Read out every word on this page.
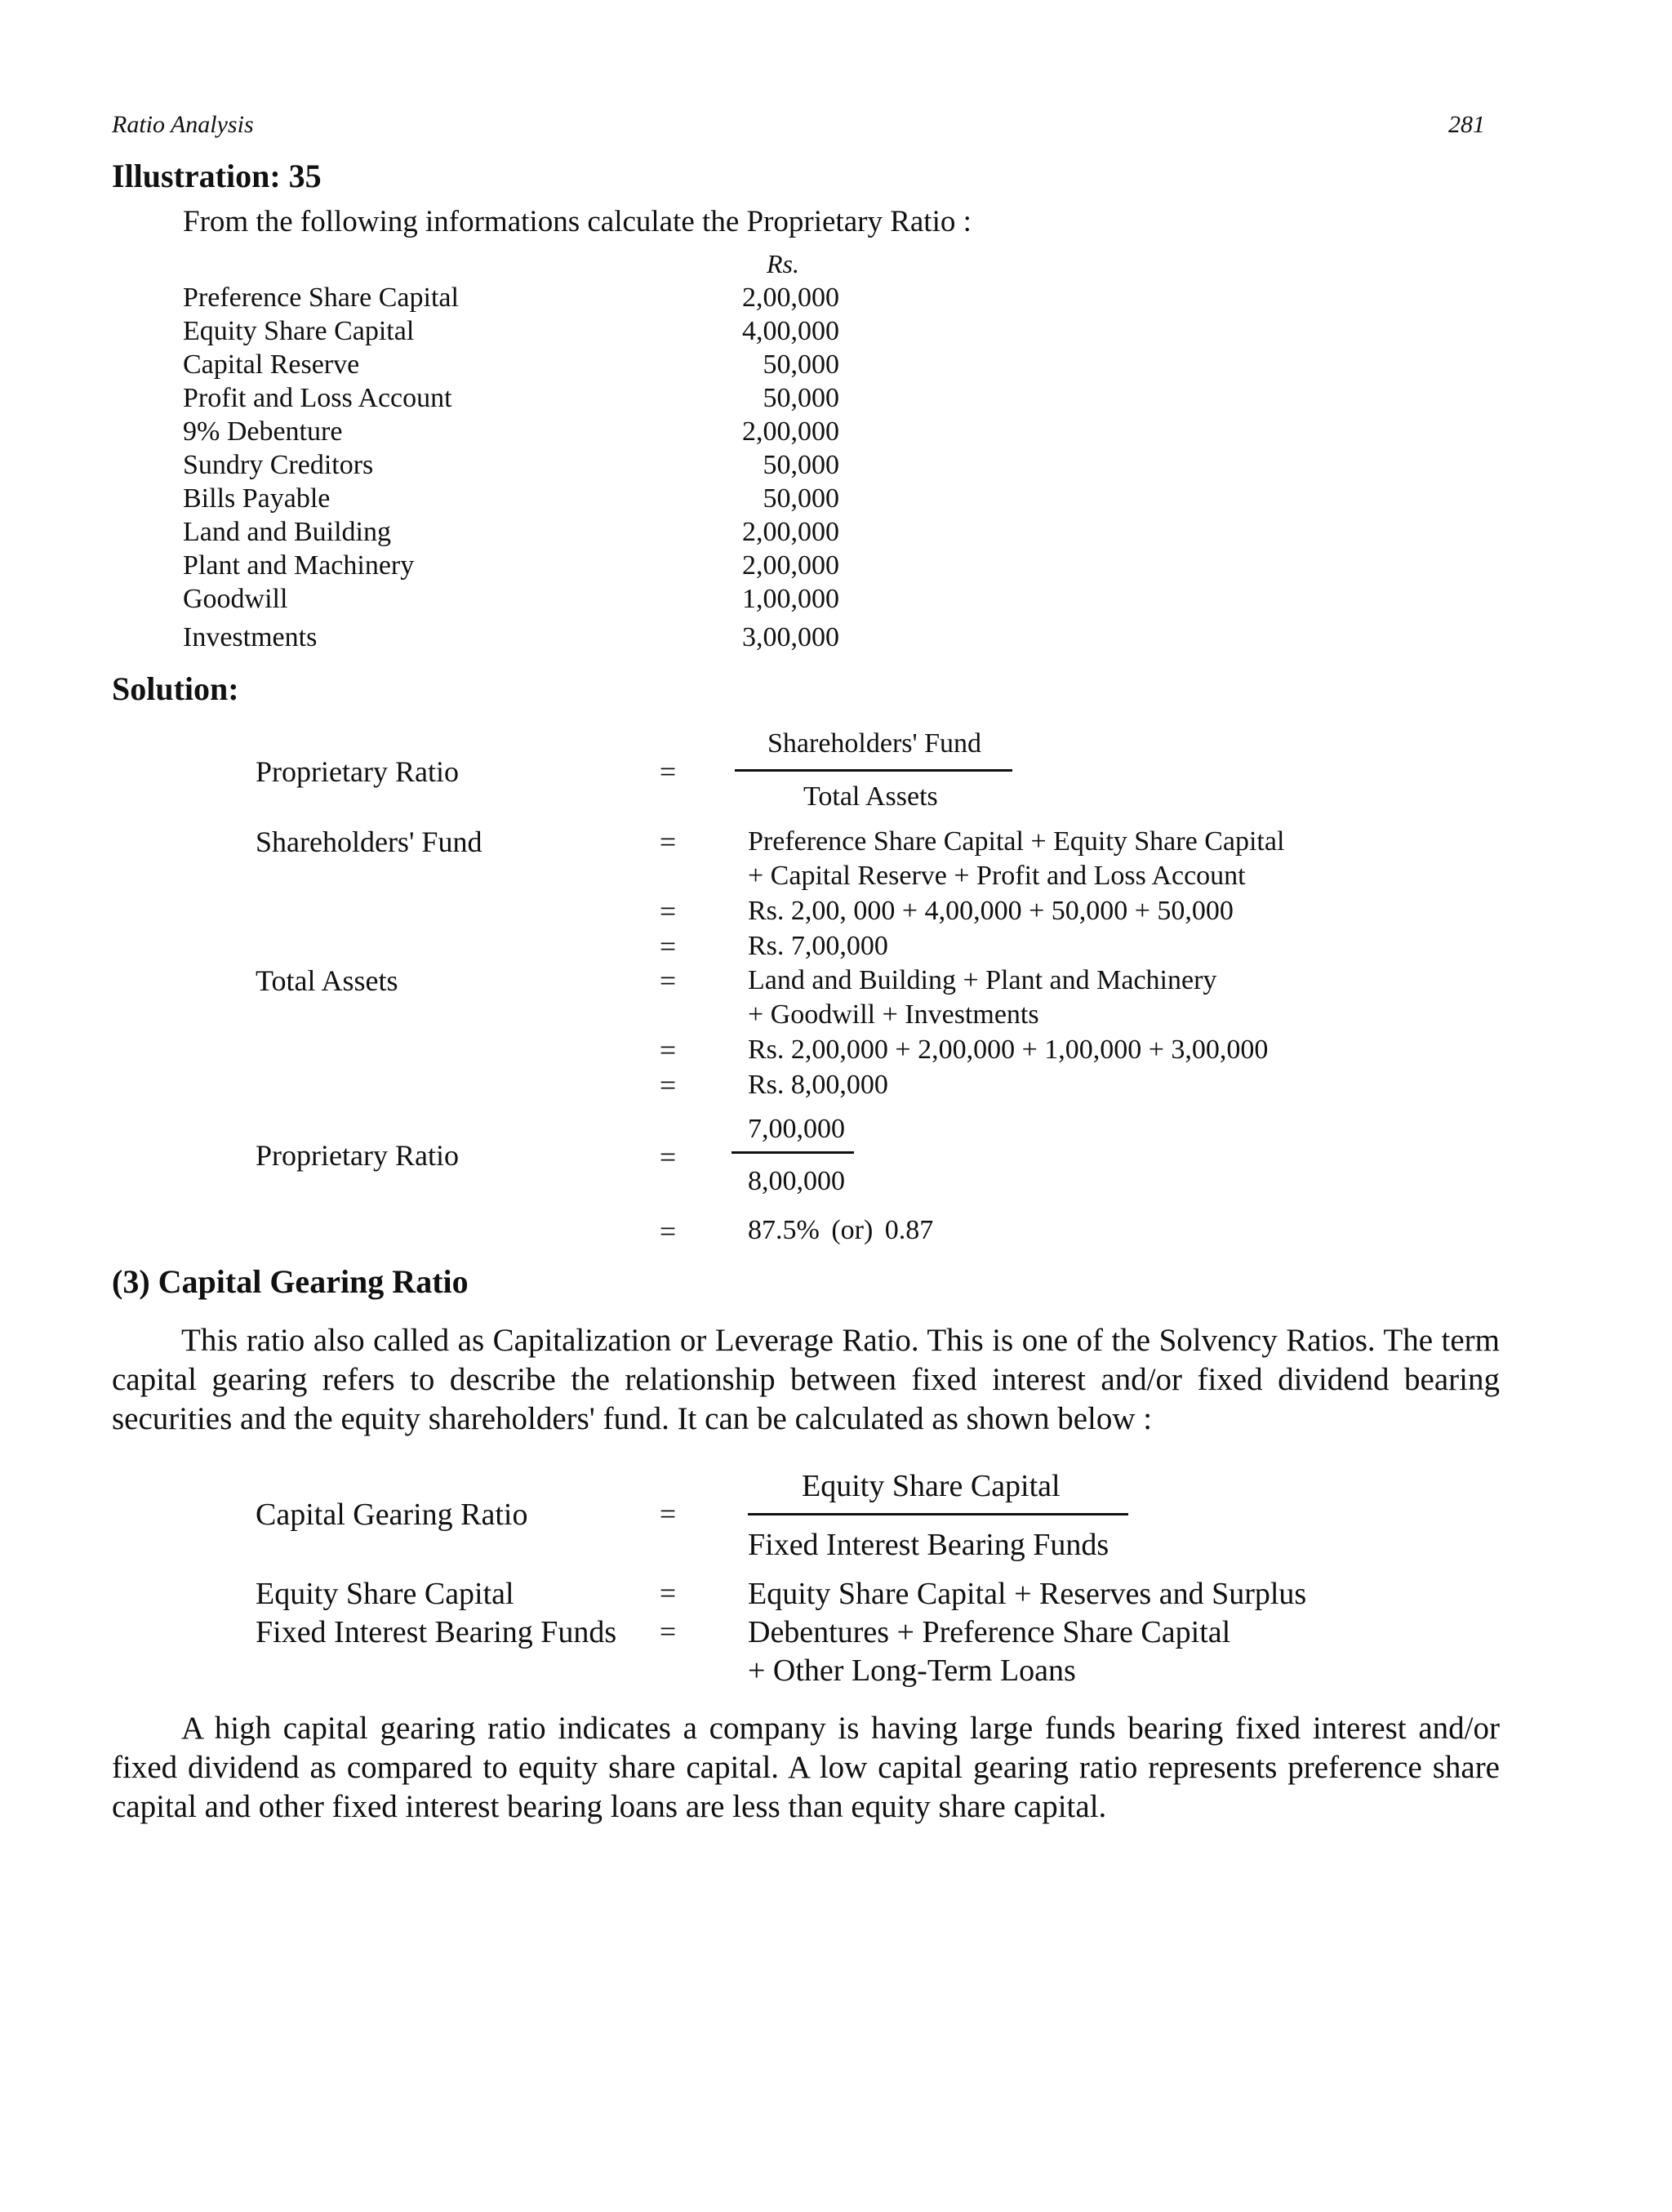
Ratio Analysis	281
Illustration: 35
From the following informations calculate the Proprietary Ratio :
Rs.
Preference Share Capital	2,00,000
Equity Share Capital	4,00,000
Capital Reserve	50,000
Profit and Loss Account	50,000
9% Debenture	2,00,000
Sundry Creditors	50,000
Bills Payable	50,000
Land and Building	2,00,000
Plant and Machinery	2,00,000
Goodwill	1,00,000
Investments	3,00,000
Solution:
Proprietary Ratio	=
Shareholders' Fund
Total Assets
Shareholders' Fund	=	Preference Share Capital + Equity Share Capital
+ Capital Reserve + Profit and Loss Account
=	Rs. 2,00, 000 + 4,00,000 + 50,000 + 50,000
=	Rs. 7,00,000
Total Assets	=	Land and Building + Plant and Machinery
+ Goodwill + Investments
=	Rs. 2,00,000 + 2,00,000 + 1,00,000 + 3,00,000
=	Rs. 8,00,000
7,00,000
Proprietary Ratio	=
8,00,000
=	87.5% (or) 0.87
(3) Capital Gearing Ratio
This ratio also called as Capitalization or Leverage Ratio. This is one of the Solvency Ratios. The term capital gearing refers to describe the relationship between fixed interest and/or fixed dividend bearing securities and the equity shareholders' fund. It can be calculated as shown below :
Capital Gearing Ratio	=
Equity Share Capital
Fixed Interest Bearing Funds
Equity Share Capital	= Equity Share Capital + Reserves and Surplus
Fixed Interest Bearing Funds = Debentures + Preference Share Capital
+ Other Long-Term Loans
A high capital gearing ratio indicates a company is having large funds bearing fixed interest and/or fixed dividend as compared to equity share capital. A low capital gearing ratio represents preference share capital and other fixed interest bearing loans are less than equity share capital.
